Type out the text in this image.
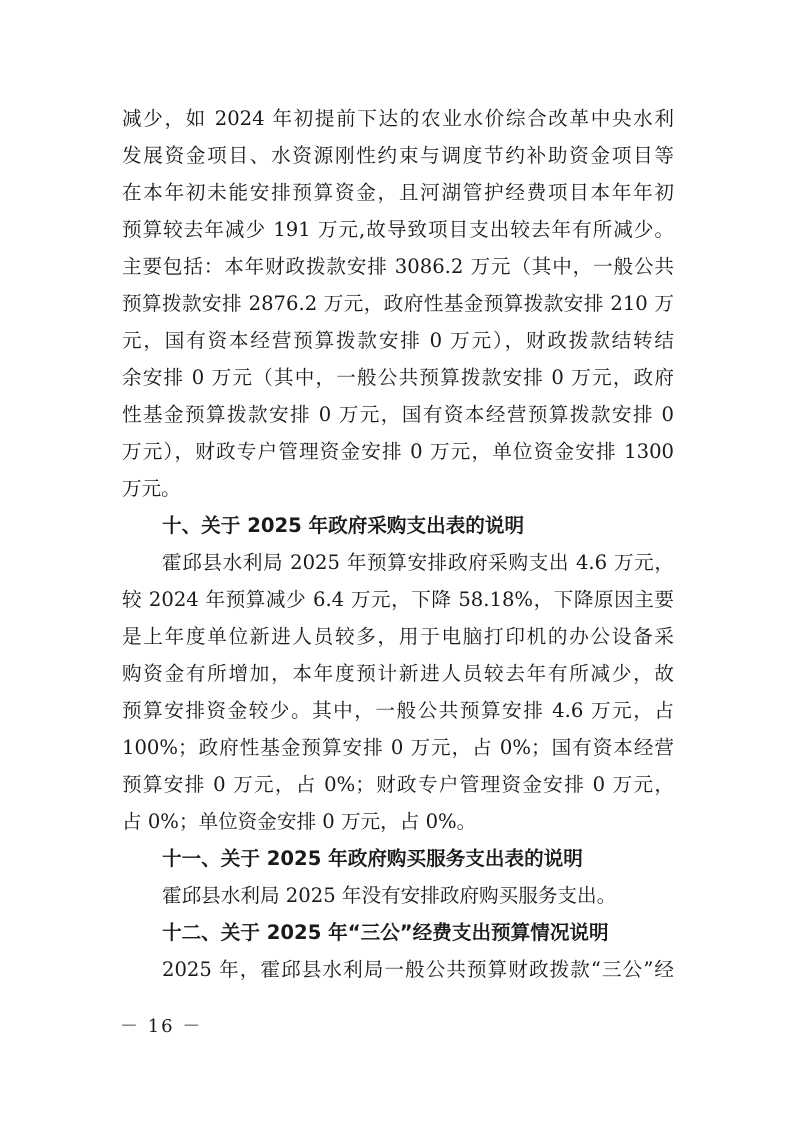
减少，如 2024 年初提前下达的农业水价综合改革中央水利
发展资金项目、水资源刚性约束与调度节约补助资金项目等
在本年初未能安排预算资金，且河湖管护经费项目本年年初
预算较去年减少 191 万元,故导致项目支出较去年有所减少。
主要包括：本年财政拨款安排 3086.2 万元（其中，一般公共
预算拨款安排 2876.2 万元，政府性基金预算拨款安排 210 万
元，国有资本经营预算拨款安排 0 万元），财政拨款结转结
余安排 0 万元（其中，一般公共预算拨款安排 0 万元，政府
性基金预算拨款安排 0 万元，国有资本经营预算拨款安排 0
万元），财政专户管理资金安排 0 万元，单位资金安排 1300
万元。
十、关于 2025 年政府采购支出表的说明
霍邱县水利局 2025 年预算安排政府采购支出 4.6 万元，
较 2024 年预算减少 6.4 万元，下降 58.18%，下降原因主要
是上年度单位新进人员较多，用于电脑打印机的办公设备采
购资金有所增加，本年度预计新进人员较去年有所减少，故
预算安排资金较少。其中，一般公共预算安排 4.6 万元，占
100%；政府性基金预算安排 0 万元，占 0%；国有资本经营
预算安排 0 万元，占 0%；财政专户管理资金安排 0 万元，
占 0%；单位资金安排 0 万元，占 0%。
十一、关于 2025 年政府购买服务支出表的说明
霍邱县水利局 2025 年没有安排政府购买服务支出。
十二、关于 2025 年“三公”经费支出预算情况说明
2025 年，霍邱县水利局一般公共预算财政拨款“三公”经
－ 16 －
